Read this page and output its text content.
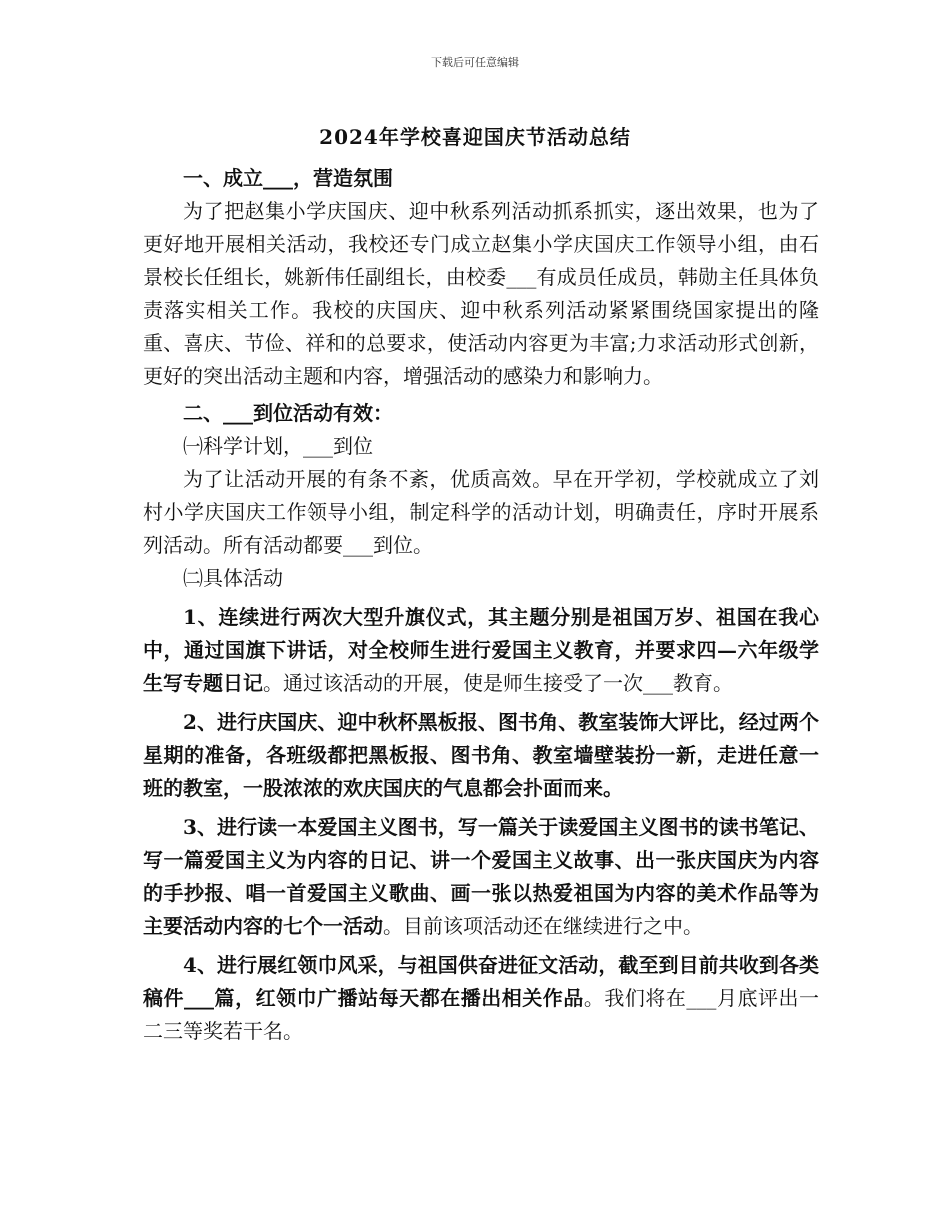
下载后可任意编辑
2024年学校喜迎国庆节活动总结

一、成立___，营造氛围

为了把赵集小学庆国庆、迎中秋系列活动抓系抓实，逐出效果，也为了更好地开展相关活动，我校还专门成立赵集小学庆国庆工作领导小组，由石景校长任组长，姚新伟任副组长，由校委___有成员任成员，韩勋主任具体负责落实相关工作。我校的庆国庆、迎中秋系列活动紧紧围绕国家提出的隆重、喜庆、节俭、祥和的总要求，使活动内容更为丰富;力求活动形式创新，更好的突出活动主题和内容，增强活动的感染力和影响力。

二、___到位活动有效：

㈠科学计划，___到位

为了让活动开展的有条不紊，优质高效。早在开学初，学校就成立了刘村小学庆国庆工作领导小组，制定科学的活动计划，明确责任，序时开展系列活动。所有活动都要___到位。

㈡具体活动

1、连续进行两次大型升旗仪式，其主题分别是祖国万岁、祖国在我心中，通过国旗下讲话，对全校师生进行爱国主义教育，并要求四—六年级学生写专题日记。通过该活动的开展，使是师生接受了一次___教育。

2、进行庆国庆、迎中秋杯黑板报、图书角、教室装饰大评比，经过两个星期的准备，各班级都把黑板报、图书角、教室墙壁装扮一新，走进任意一班的教室，一股浓浓的欢庆国庆的气息都会扑面而来。

3、进行读一本爱国主义图书，写一篇关于读爱国主义图书的读书笔记、写一篇爱国主义为内容的日记、讲一个爱国主义故事、出一张庆国庆为内容的手抄报、唱一首爱国主义歌曲、画一张以热爱祖国为内容的美术作品等为主要活动内容的七个一活动。目前该项活动还在继续进行之中。

4、进行展红领巾风采，与祖国供奋进征文活动，截至到目前共收到各类稿件___篇，红领巾广播站每天都在播出相关作品。我们将在___月底评出一二三等奖若干名。
